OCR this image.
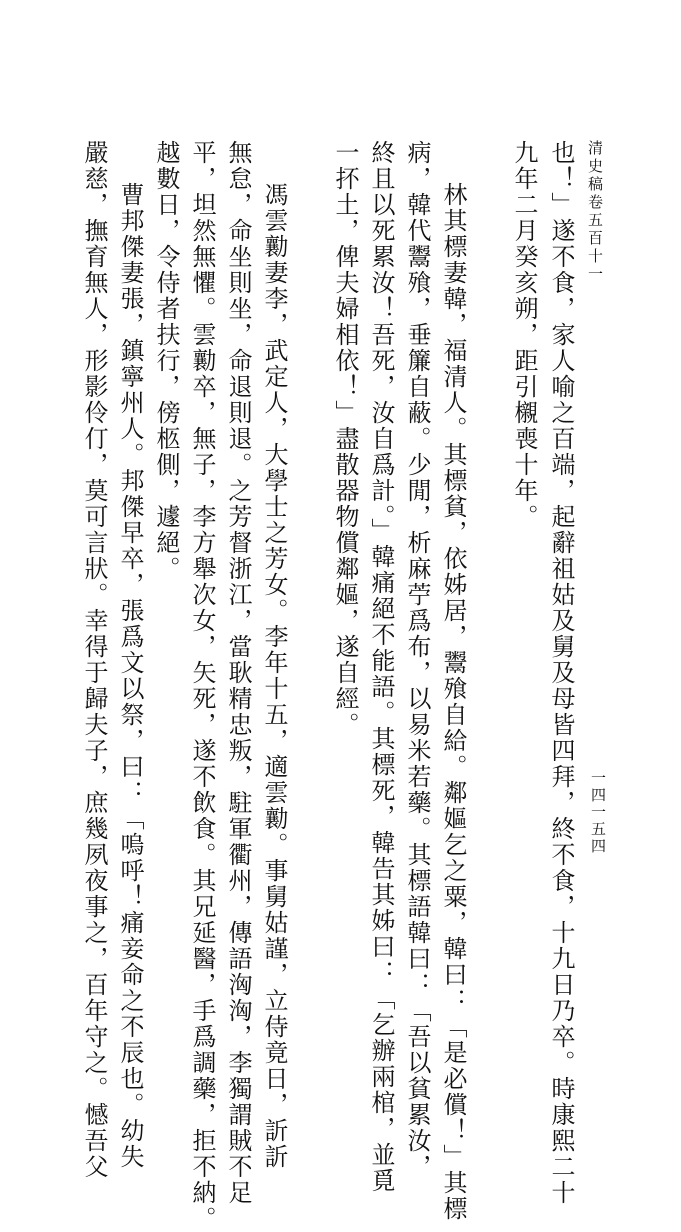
清史稿卷五百十一
一四一五四
也！」遂不食，家人喻之百端，起辭祖姑及舅及母皆四拜，終不食，十九日乃卒。時康熙二十
九年二月癸亥朔，距引櫬喪十年。
林其標妻韓，福清人。其標貧，依姊居，鬻飱自給。鄰嫗乞之粟，韓曰：「是必償！」其標
病，韓代鬻飱，垂簾自蔽。少閒，析麻苧爲布，以易米若藥。其標語韓曰：「吾以貧累汝，
終且以死累汝！吾死，汝自爲計。」韓痛絕不能語。其標死，韓告其姊曰：「乞辦兩棺，並覓
一抔土，俾夫婦相依！」盡散器物償鄰嫗，遂自經。
馮雲勷妻李，武定人，大學士之芳女。李年十五，適雲勷。事舅姑謹，立侍竟日，訢訢
無怠，命坐則坐，命退則退。之芳督浙江，當耿精忠叛，駐軍衢州，傳語洶洶，李獨謂賊不足
平，坦然無懼。雲勷卒，無子，李方舉次女，矢死，遂不飲食。其兄延醫，手爲調藥，拒不納。
越數日，令侍者扶行，傍柩側，遽絕。
曹邦傑妻張，鎮寧州人。邦傑早卒，張爲文以祭，曰：「嗚呼！痛妾命之不辰也。幼失
嚴慈，撫育無人，形影伶仃，莫可言狀。幸得于歸夫子，庶幾夙夜事之，百年守之。憾吾父
